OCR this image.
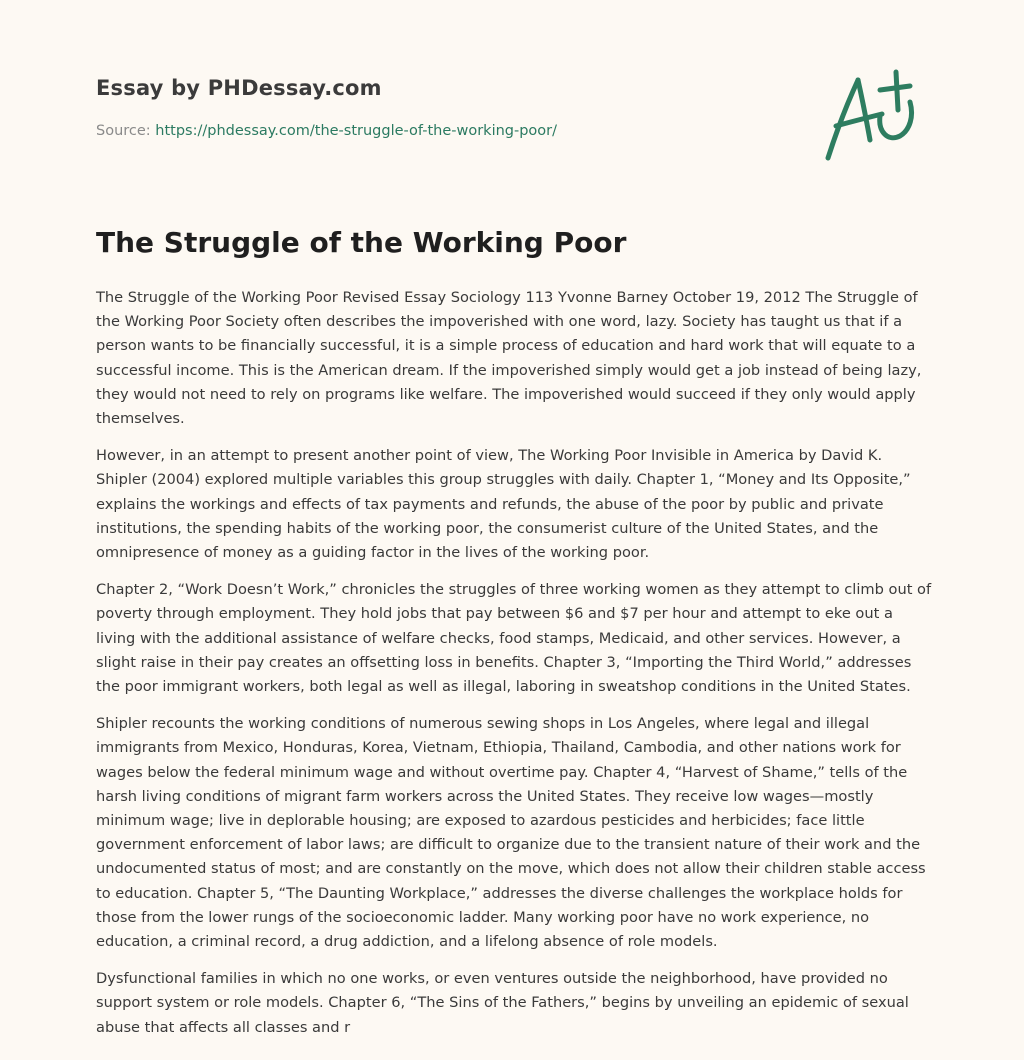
Essay by PHDessay.com
Source: https://phdessay.com/the-struggle-of-the-working-poor/
The Struggle of the Working Poor

The Struggle of the Working Poor Revised Essay Sociology 113 Yvonne Barney October 19, 2012 The Struggle of the Working Poor Society often describes the impoverished with one word, lazy. Society has taught us that if a person wants to be financially successful, it is a simple process of education and hard work that will equate to a successful income. This is the American dream. If the impoverished simply would get a job instead of being lazy, they would not need to rely on programs like welfare. The impoverished would succeed if they only would apply themselves.

However, in an attempt to present another point of view, The Working Poor Invisible in America by David K. Shipler (2004) explored multiple variables this group struggles with daily. Chapter 1, “Money and Its Opposite,” explains the workings and effects of tax payments and refunds, the abuse of the poor by public and private institutions, the spending habits of the working poor, the consumerist culture of the United States, and the omnipresence of money as a guiding factor in the lives of the working poor.

Chapter 2, “Work Doesn’t Work,” chronicles the struggles of three working women as they attempt to climb out of poverty through employment. They hold jobs that pay between $6 and $7 per hour and attempt to eke out a living with the additional assistance of welfare checks, food stamps, Medicaid, and other services. However, a slight raise in their pay creates an offsetting loss in benefits. Chapter 3, “Importing the Third World,” addresses the poor immigrant workers, both legal as well as illegal, laboring in sweatshop conditions in the United States.

Shipler recounts the working conditions of numerous sewing shops in Los Angeles, where legal and illegal immigrants from Mexico, Honduras, Korea, Vietnam, Ethiopia, Thailand, Cambodia, and other nations work for wages below the federal minimum wage and without overtime pay. Chapter 4, “Harvest of Shame,” tells of the harsh living conditions of migrant farm workers across the United States. They receive low wages—mostly minimum wage; live in deplorable housing; are exposed to azardous pesticides and herbicides; face little government enforcement of labor laws; are difficult to organize due to the transient nature of their work and the undocumented status of most; and are constantly on the move, which does not allow their children stable access to education. Chapter 5, “The Daunting Workplace,” addresses the diverse challenges the workplace holds for those from the lower rungs of the socioeconomic ladder. Many working poor have no work experience, no education, a criminal record, a drug addiction, and a lifelong absence of role models.

Dysfunctional families in which no one works, or even ventures outside the neighborhood, have provided no support system or role models. Chapter 6, “The Sins of the Fathers,” begins by unveiling an epidemic of sexual abuse that affects all classes and r
